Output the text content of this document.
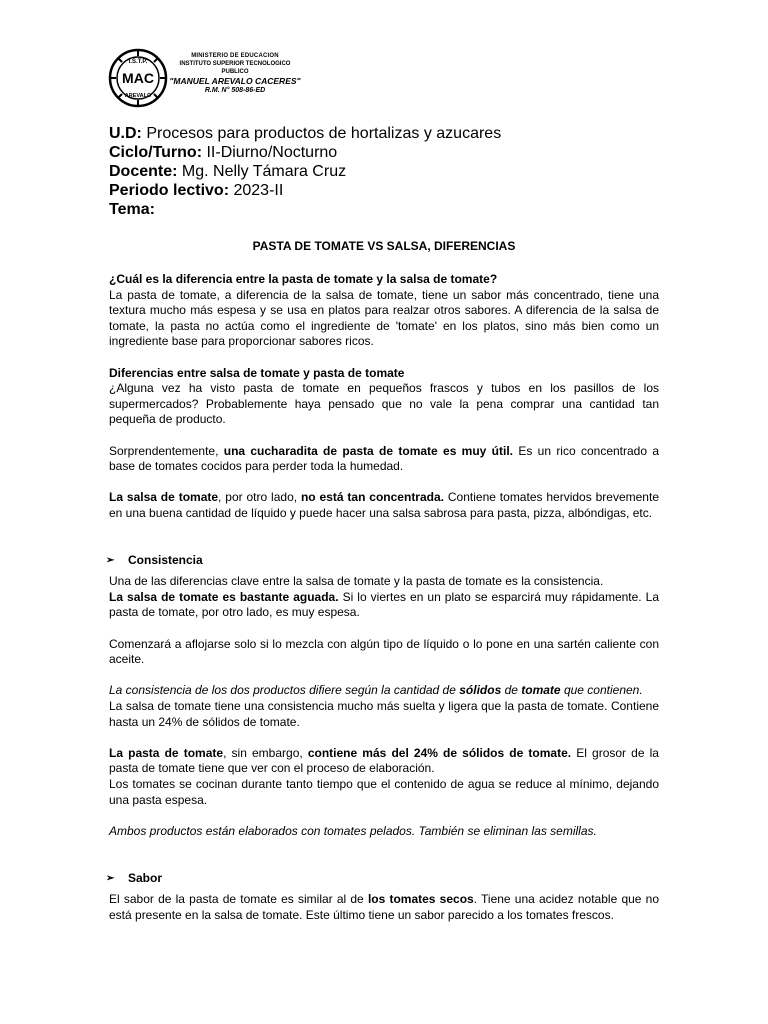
I.S.T.P.
MAC
AREVALO
MINISTERIO DE EDUCACION
INSTITUTO SUPERIOR TECNOLOGICO PUBLICO
"MANUEL AREVALO CACERES"
R.M. N° 508-86-ED
U.D: Procesos para productos de hortalizas y azucares
Ciclo/Turno: II-Diurno/Nocturno
Docente: Mg. Nelly Támara Cruz
Periodo lectivo: 2023-II
Tema:
PASTA DE TOMATE VS SALSA, DIFERENCIAS

¿Cuál es la diferencia entre la pasta de tomate y la salsa de tomate?

La pasta de tomate, a diferencia de la salsa de tomate, tiene un sabor más concentrado, tiene una textura mucho más espesa y se usa en platos para realzar otros sabores. A diferencia de la salsa de tomate, la pasta no actúa como el ingrediente de 'tomate' en los platos, sino más bien como un ingrediente base para proporcionar sabores ricos.

Diferencias entre salsa de tomate y pasta de tomate

¿Alguna vez ha visto pasta de tomate en pequeños frascos y tubos en los pasillos de los supermercados? Probablemente haya pensado que no vale la pena comprar una cantidad tan pequeña de producto.

Sorprendentemente, una cucharadita de pasta de tomate es muy útil. Es un rico concentrado a base de tomates cocidos para perder toda la humedad.

La salsa de tomate, por otro lado, no está tan concentrada. Contiene tomates hervidos brevemente en una buena cantidad de líquido y puede hacer una salsa sabrosa para pasta, pizza, albóndigas, etc.

➢	Consistencia

Una de las diferencias clave entre la salsa de tomate y la pasta de tomate es la consistencia.

La salsa de tomate es bastante aguada. Si lo viertes en un plato se esparcirá muy rápidamente. La pasta de tomate, por otro lado, es muy espesa.

Comenzará a aflojarse solo si lo mezcla con algún tipo de líquido o lo pone en una sartén caliente con aceite.

La consistencia de los dos productos difiere según la cantidad de sólidos de tomate que contienen.

La salsa de tomate tiene una consistencia mucho más suelta y ligera que la pasta de tomate. Contiene hasta un 24% de sólidos de tomate.

La pasta de tomate, sin embargo, contiene más del 24% de sólidos de tomate. El grosor de la pasta de tomate tiene que ver con el proceso de elaboración.

Los tomates se cocinan durante tanto tiempo que el contenido de agua se reduce al mínimo, dejando una pasta espesa.

Ambos productos están elaborados con tomates pelados. También se eliminan las semillas.

➢	Sabor

El sabor de la pasta de tomate es similar al de los tomates secos. Tiene una acidez notable que no está presente en la salsa de tomate. Este último tiene un sabor parecido a los tomates frescos.
